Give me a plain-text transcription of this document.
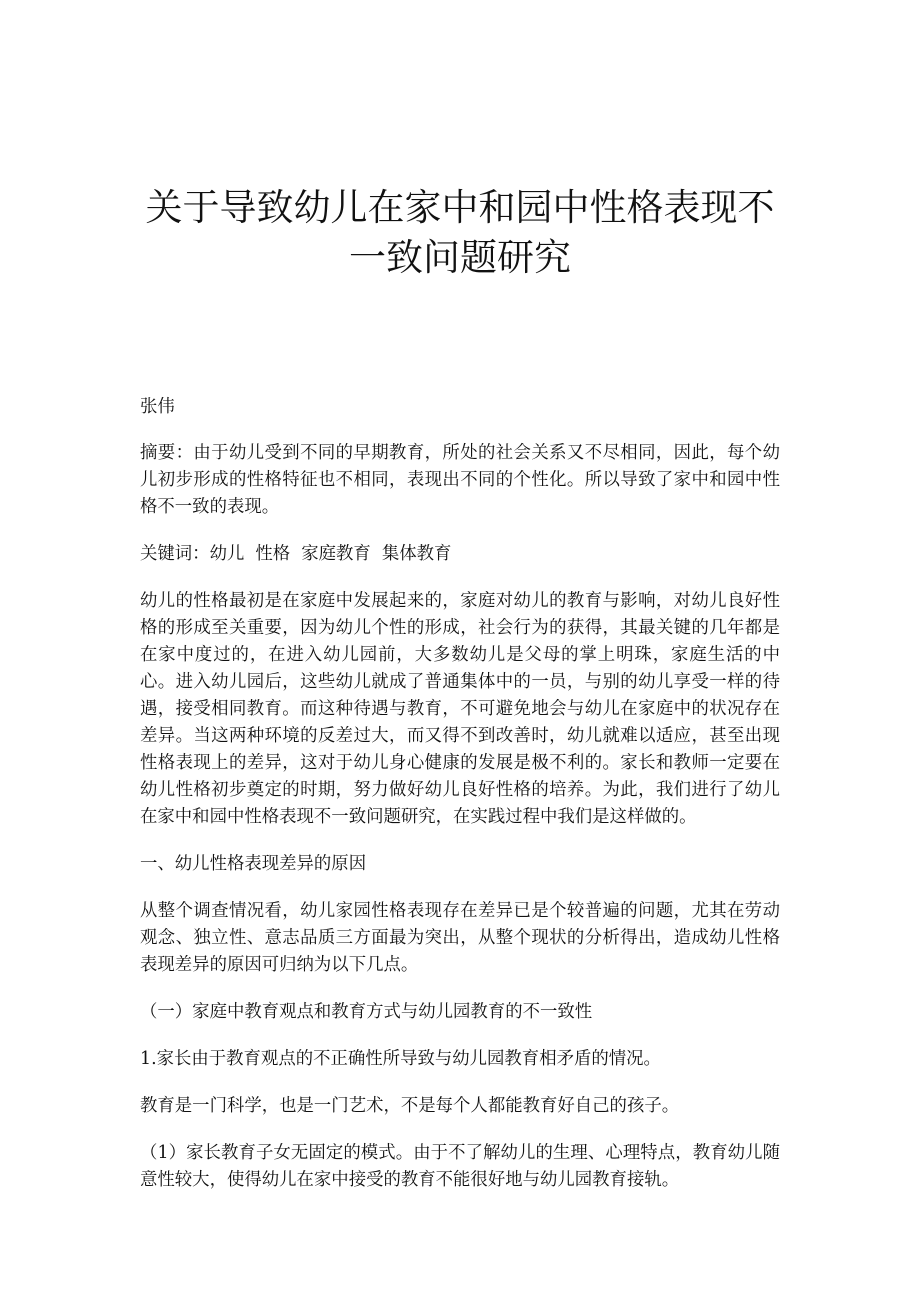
关于导致幼儿在家中和园中性格表现不
一致问题研究

张伟

摘要：由于幼儿受到不同的早期教育，所处的社会关系又不尽相同，因此，每个幼儿初步形成的性格特征也不相同，表现出不同的个性化。所以导致了家中和园中性格不一致的表现。

关键词：幼儿  性格  家庭教育  集体教育

幼儿的性格最初是在家庭中发展起来的，家庭对幼儿的教育与影响，对幼儿良好性格的形成至关重要，因为幼儿个性的形成，社会行为的获得，其最关键的几年都是在家中度过的，在进入幼儿园前，大多数幼儿是父母的掌上明珠，家庭生活的中心。进入幼儿园后，这些幼儿就成了普通集体中的一员，与别的幼儿享受一样的待遇，接受相同教育。而这种待遇与教育，不可避免地会与幼儿在家庭中的状况存在差异。当这两种环境的反差过大，而又得不到改善时，幼儿就难以适应，甚至出现性格表现上的差异，这对于幼儿身心健康的发展是极不利的。家长和教师一定要在幼儿性格初步奠定的时期，努力做好幼儿良好性格的培养。为此，我们进行了幼儿在家中和园中性格表现不一致问题研究，在实践过程中我们是这样做的。

一、幼儿性格表现差异的原因

从整个调查情况看，幼儿家园性格表现存在差异已是个较普遍的问题，尤其在劳动观念、独立性、意志品质三方面最为突出，从整个现状的分析得出，造成幼儿性格表现差异的原因可归纳为以下几点。

（一）家庭中教育观点和教育方式与幼儿园教育的不一致性

1.家长由于教育观点的不正确性所导致与幼儿园教育相矛盾的情况。

教育是一门科学，也是一门艺术，不是每个人都能教育好自己的孩子。

（1）家长教育子女无固定的模式。由于不了解幼儿的生理、心理特点，教育幼儿随意性较大，使得幼儿在家中接受的教育不能很好地与幼儿园教育接轨。
